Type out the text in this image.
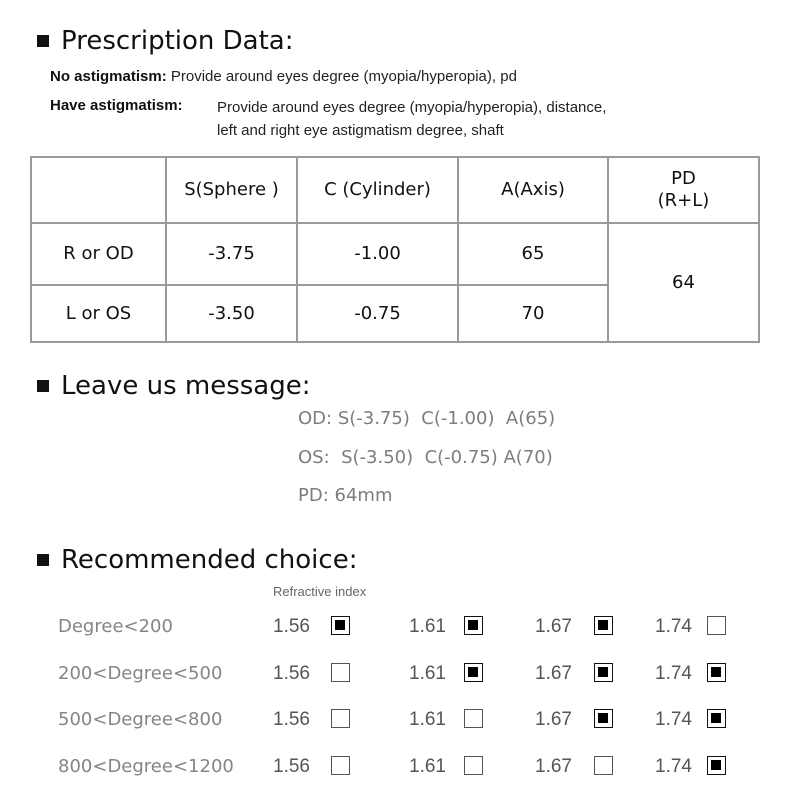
Prescription Data:
No astigmatism: Provide around eyes degree (myopia/hyperopia), pd
Have astigmatism: Provide around eyes degree (myopia/hyperopia), distance,
left and right eye astigmatism degree, shaft
	S(Sphere )	C (Cylinder)	A(Axis)	PD
(R+L)

R or OD	-3.75	-1.00	65	64
L or OS	-3.50	-0.75	70	
Leave us message:
OD: S(-3.75)  C(-1.00)  A(65)
OS:  S(-3.50)  C(-0.75) A(70)
PD: 64mm
Recommended choice:
Refractive index
Degree<200	1.56	1.61	1.67	1.74
200<Degree<500	1.56	1.61	1.67	1.74
500<Degree<800	1.56	1.61	1.67	1.74
800<Degree<1200 1.56	1.61	1.67	1.74
